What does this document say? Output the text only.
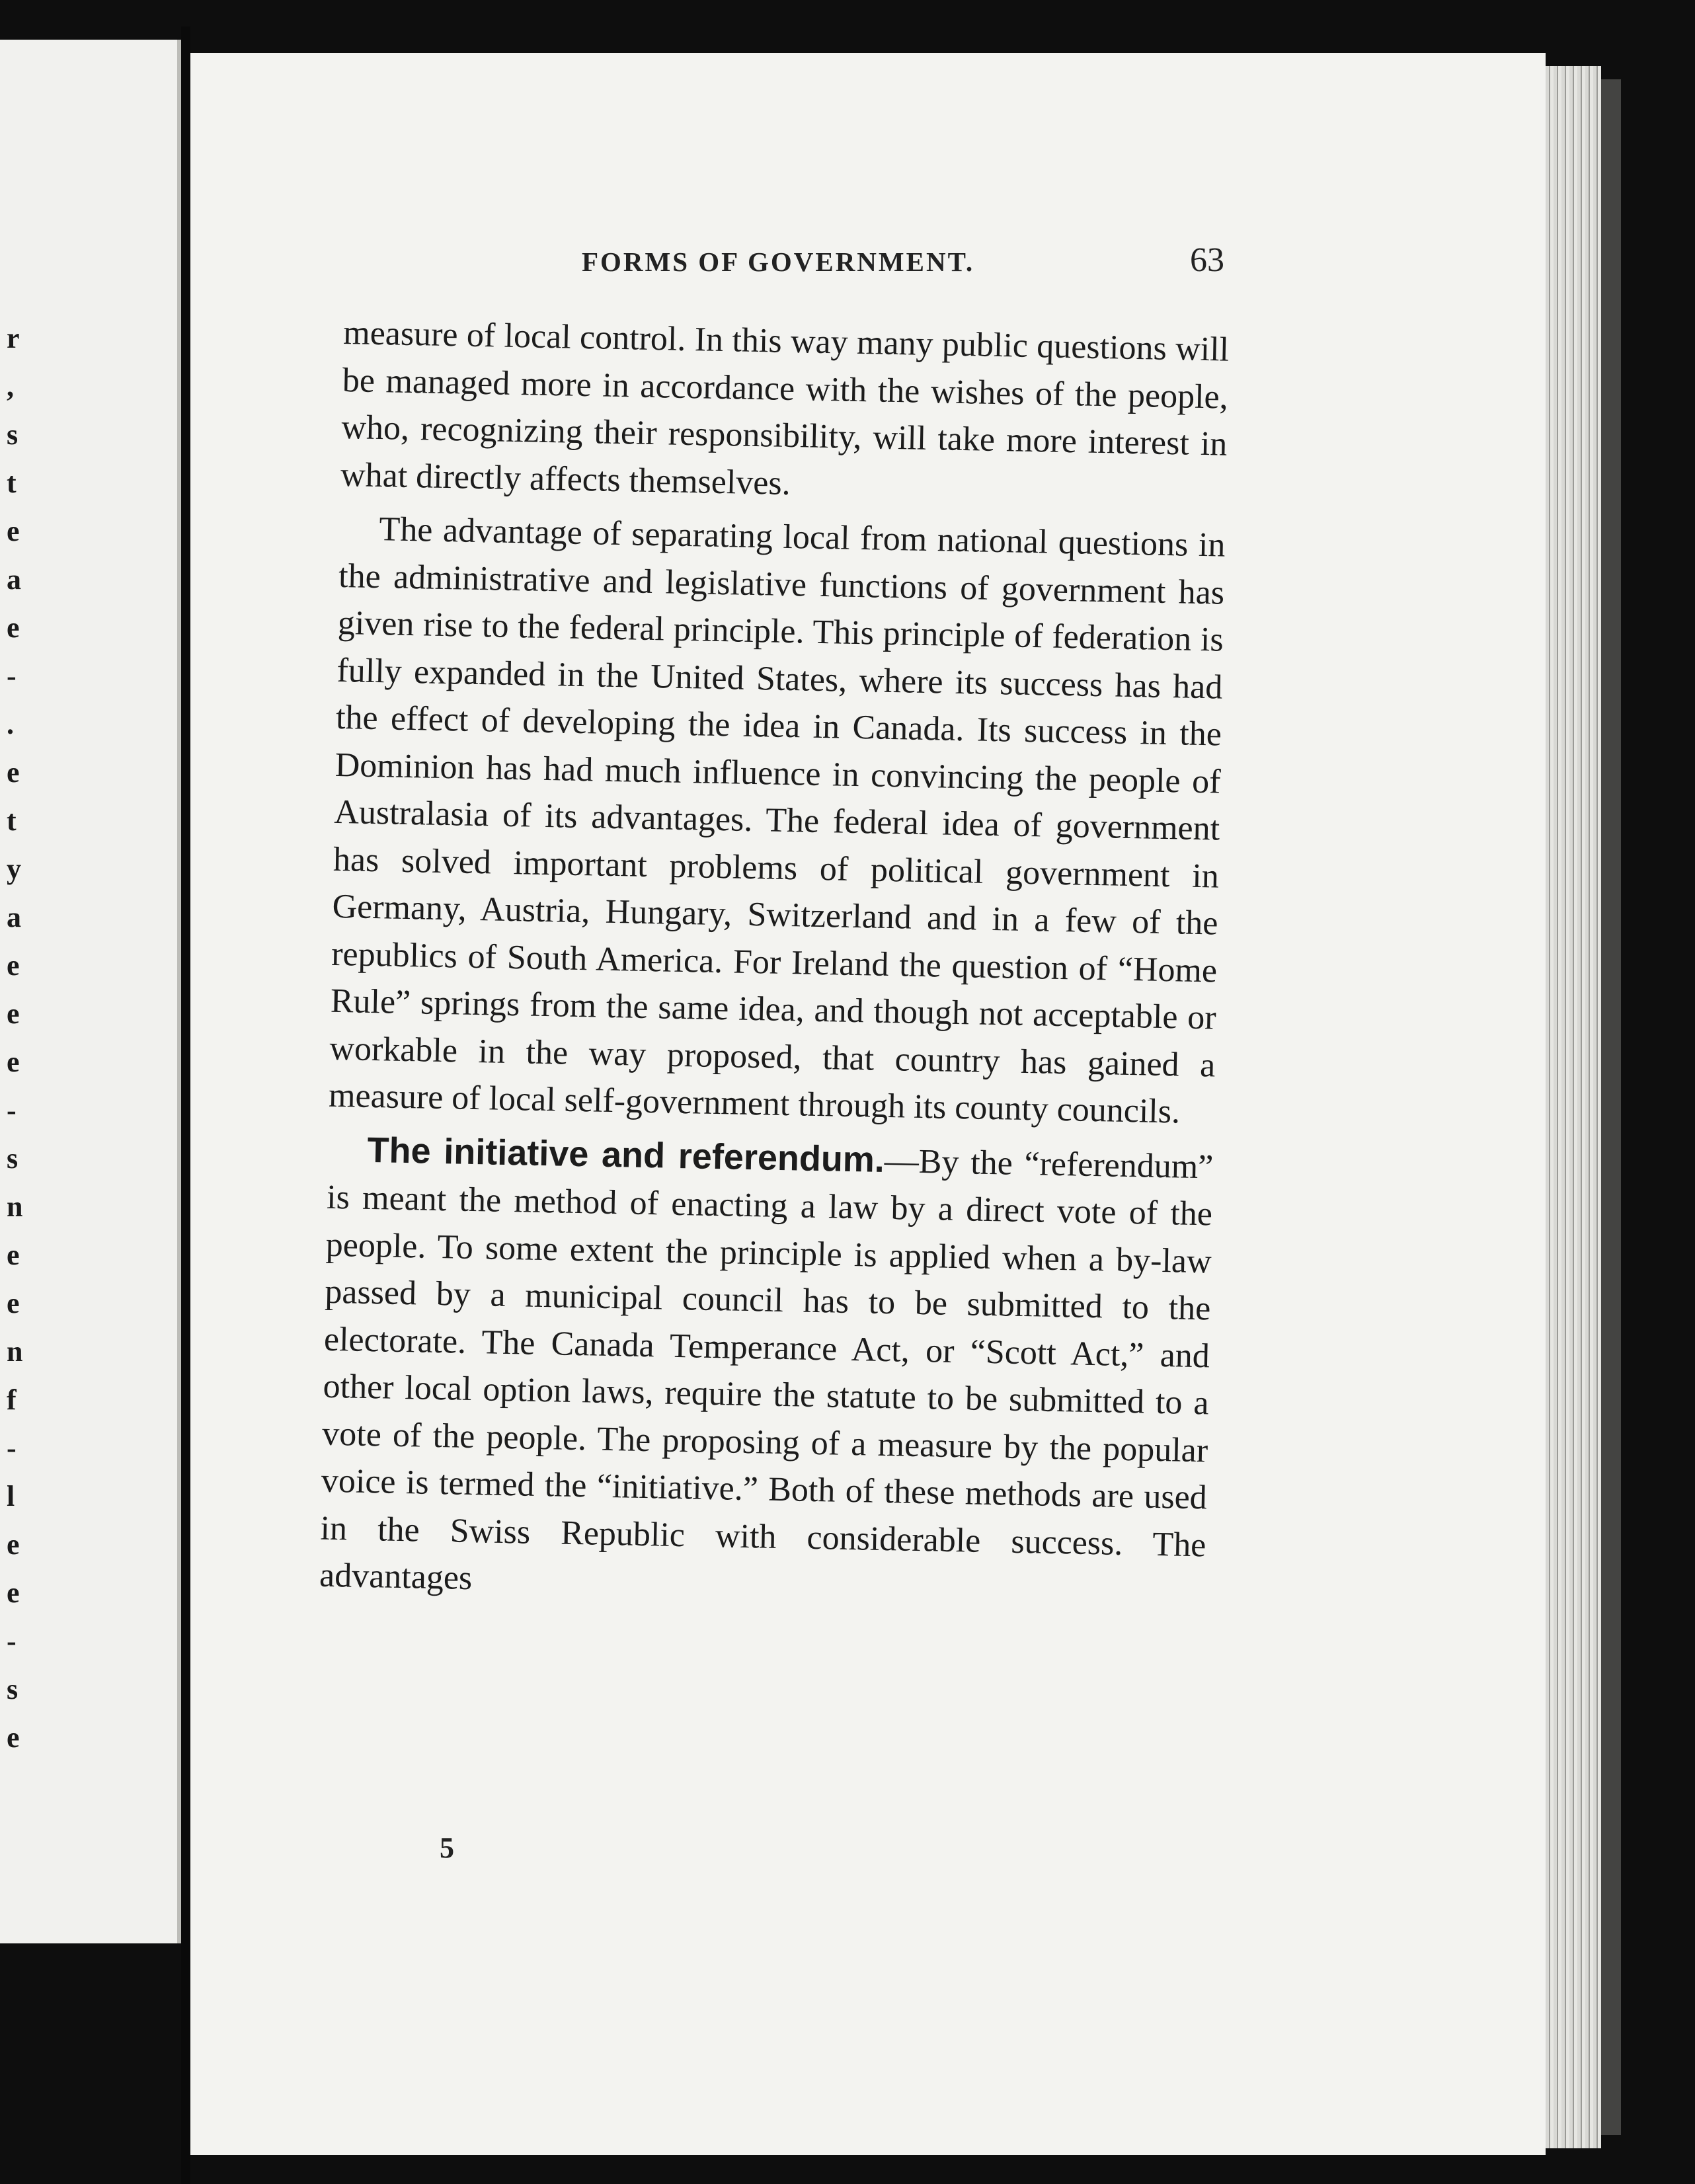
r
,
s
t
e
a
e
-
.
e
t
y
a
e
e
e
-
s
n
e
e
n
f
-
l
e
e
-
s
e
FORMS OF GOVERNMENT.	63

measure of local control. In this way many public questions will be managed more in accordance with the wishes of the people, who, recognizing their responsibility, will take more interest in what directly affects themselves.

The advantage of separating local from national questions in the administrative and legislative functions of government has given rise to the federal principle. This principle of federation is fully expanded in the United States, where its success has had the effect of developing the idea in Canada. Its success in the Dominion has had much influence in convincing the people of Australasia of its advantages. The federal idea of government has solved important problems of political government in Germany, Austria, Hungary, Switzerland and in a few of the republics of South America. For Ireland the question of “Home Rule” springs from the same idea, and though not acceptable or workable in the way proposed, that country has gained a measure of local self-government through its county councils.

The initiative and referendum.—By the “referendum” is meant the method of enacting a law by a direct vote of the people. To some extent the principle is applied when a by-law passed by a municipal council has to be submitted to the electorate. The Canada Temperance Act, or “Scott Act,” and other local option laws, require the statute to be submitted to a vote of the people. The proposing of a measure by the popular voice is termed the “initiative.” Both of these methods are used in the Swiss Republic with considerable success. The advantages

5
